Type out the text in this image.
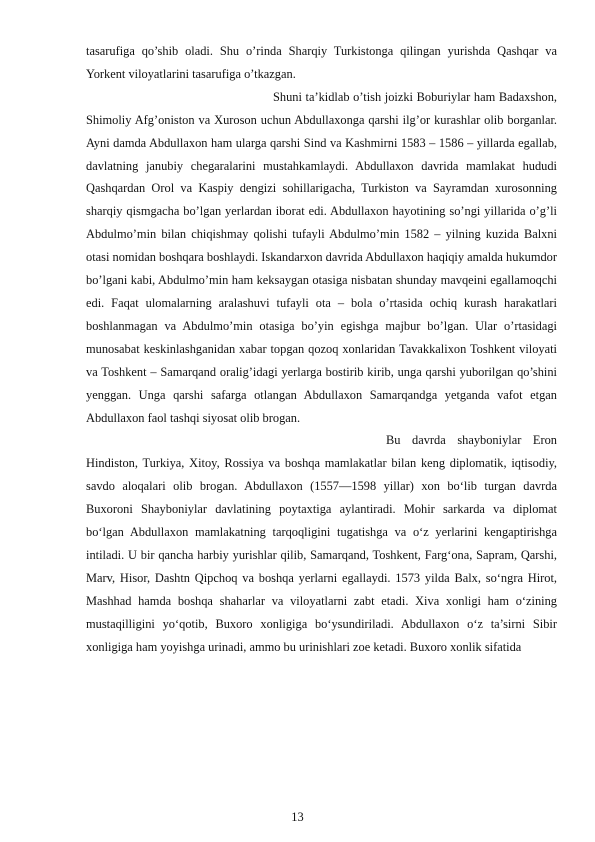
tasarufiga qo’shib oladi. Shu o’rinda Sharqiy Turkistonga qilingan yurishda Qashqar va Yorkent viloyatlarini tasarufiga o’tkazgan.

Shuni ta’kidlab o’tish joizki Boburiylar ham Badaxshon, Shimoliy Afg’oniston va Xuroson uchun Abdullaxonga qarshi ilg’or kurashlar olib borganlar. Ayni damda Abdullaxon ham ularga qarshi Sind va Kashmirni 1583 – 1586 – yillarda egallab, davlatning janubiy chegaralarini mustahkamlaydi. Abdullaxon davrida mamlakat hududi Qashqardan Orol va Kaspiy dengizi sohillarigacha, Turkiston va Sayramdan xurosonning sharqiy qismgacha bo’lgan yerlardan iborat edi. Abdullaxon hayotining so’ngi yillarida o’g’li Abdulmo’min bilan chiqishmay qolishi tufayli Abdulmo’min 1582 – yilning kuzida Balxni otasi nomidan boshqara boshlaydi. Iskandarxon davrida Abdullaxon haqiqiy amalda hukumdor bo’lgani kabi, Abdulmo’min ham keksaygan otasiga nisbatan shunday mavqeini egallamoqchi edi. Faqat ulomalarning aralashuvi tufayli ota – bola o’rtasida ochiq kurash harakatlari boshlanmagan va Abdulmo’min otasiga bo’yin egishga majbur bo’lgan. Ular o’rtasidagi munosabat keskinlashganidan xabar topgan qozoq xonlaridan Tavakkalixon Toshkent viloyati va Toshkent – Samarqand oralig’idagi yerlarga bostirib kirib, unga qarshi yuborilgan qo’shini yenggan. Unga qarshi safarga otlangan Abdullaxon Samarqandga yetganda vafot etgan Abdullaxon faol tashqi siyosat olib brogan.

Bu davrda shayboniylar Eron Hindiston, Turkiya, Xitoy, Rossiya va boshqa mamlakatlar bilan keng diplomatik, iqtisodiy, savdo aloqalari olib brogan. Abdullaxon (1557—1598 yillar) xon bo‘lib turgan davrda Buxoroni Shayboniylar davlatining poytaxtiga aylantiradi. Mohir sarkarda va diplomat bo‘lgan Abdullaxon mamlakatning tarqoqligini tugatishga va o‘z yerlarini kengaptirishga intiladi. U bir qancha harbiy yurishlar qilib, Samarqand, Toshkent, Farg‘ona, Sapram, Qarshi, Marv, Hisor, Dashtn Qipchoq va boshqa yerlarni egallaydi. 1573 yilda Balx, so‘ngra Hirot, Mashhad hamda boshqa shaharlar va viloyatlarni zabt etadi. Xiva xonligi ham o‘zining mustaqilligini yo‘qotib, Buxoro xonligiga bo‘ysundiriladi. Abdullaxon o‘z ta’sirni Sibir xonligiga ham yoyishga urinadi, ammo bu urinishlari zoe ketadi. Buxoro xonlik sifatida

13
